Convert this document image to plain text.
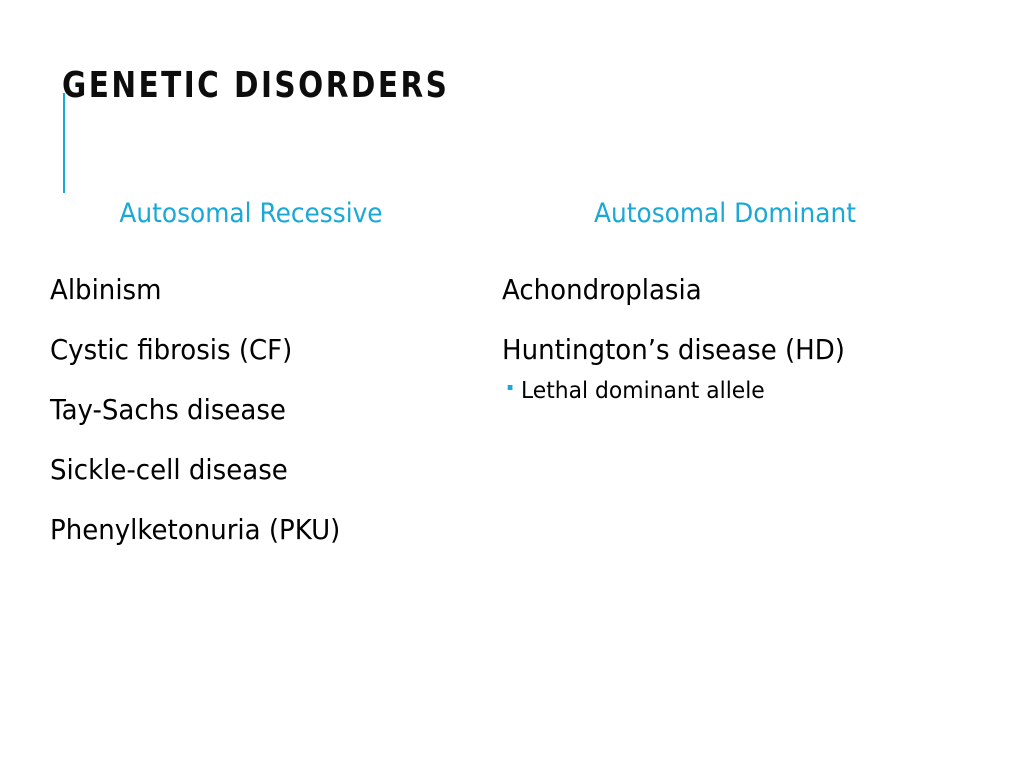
GENETIC DISORDERS
Autosomal Recessive	Autosomal Dominant
Albinism
Cystic fibrosis (CF)
Tay-Sachs disease
Sickle-cell disease
Phenylketonuria (PKU)
Achondroplasia
Huntington’s disease (HD)
Lethal dominant allele
